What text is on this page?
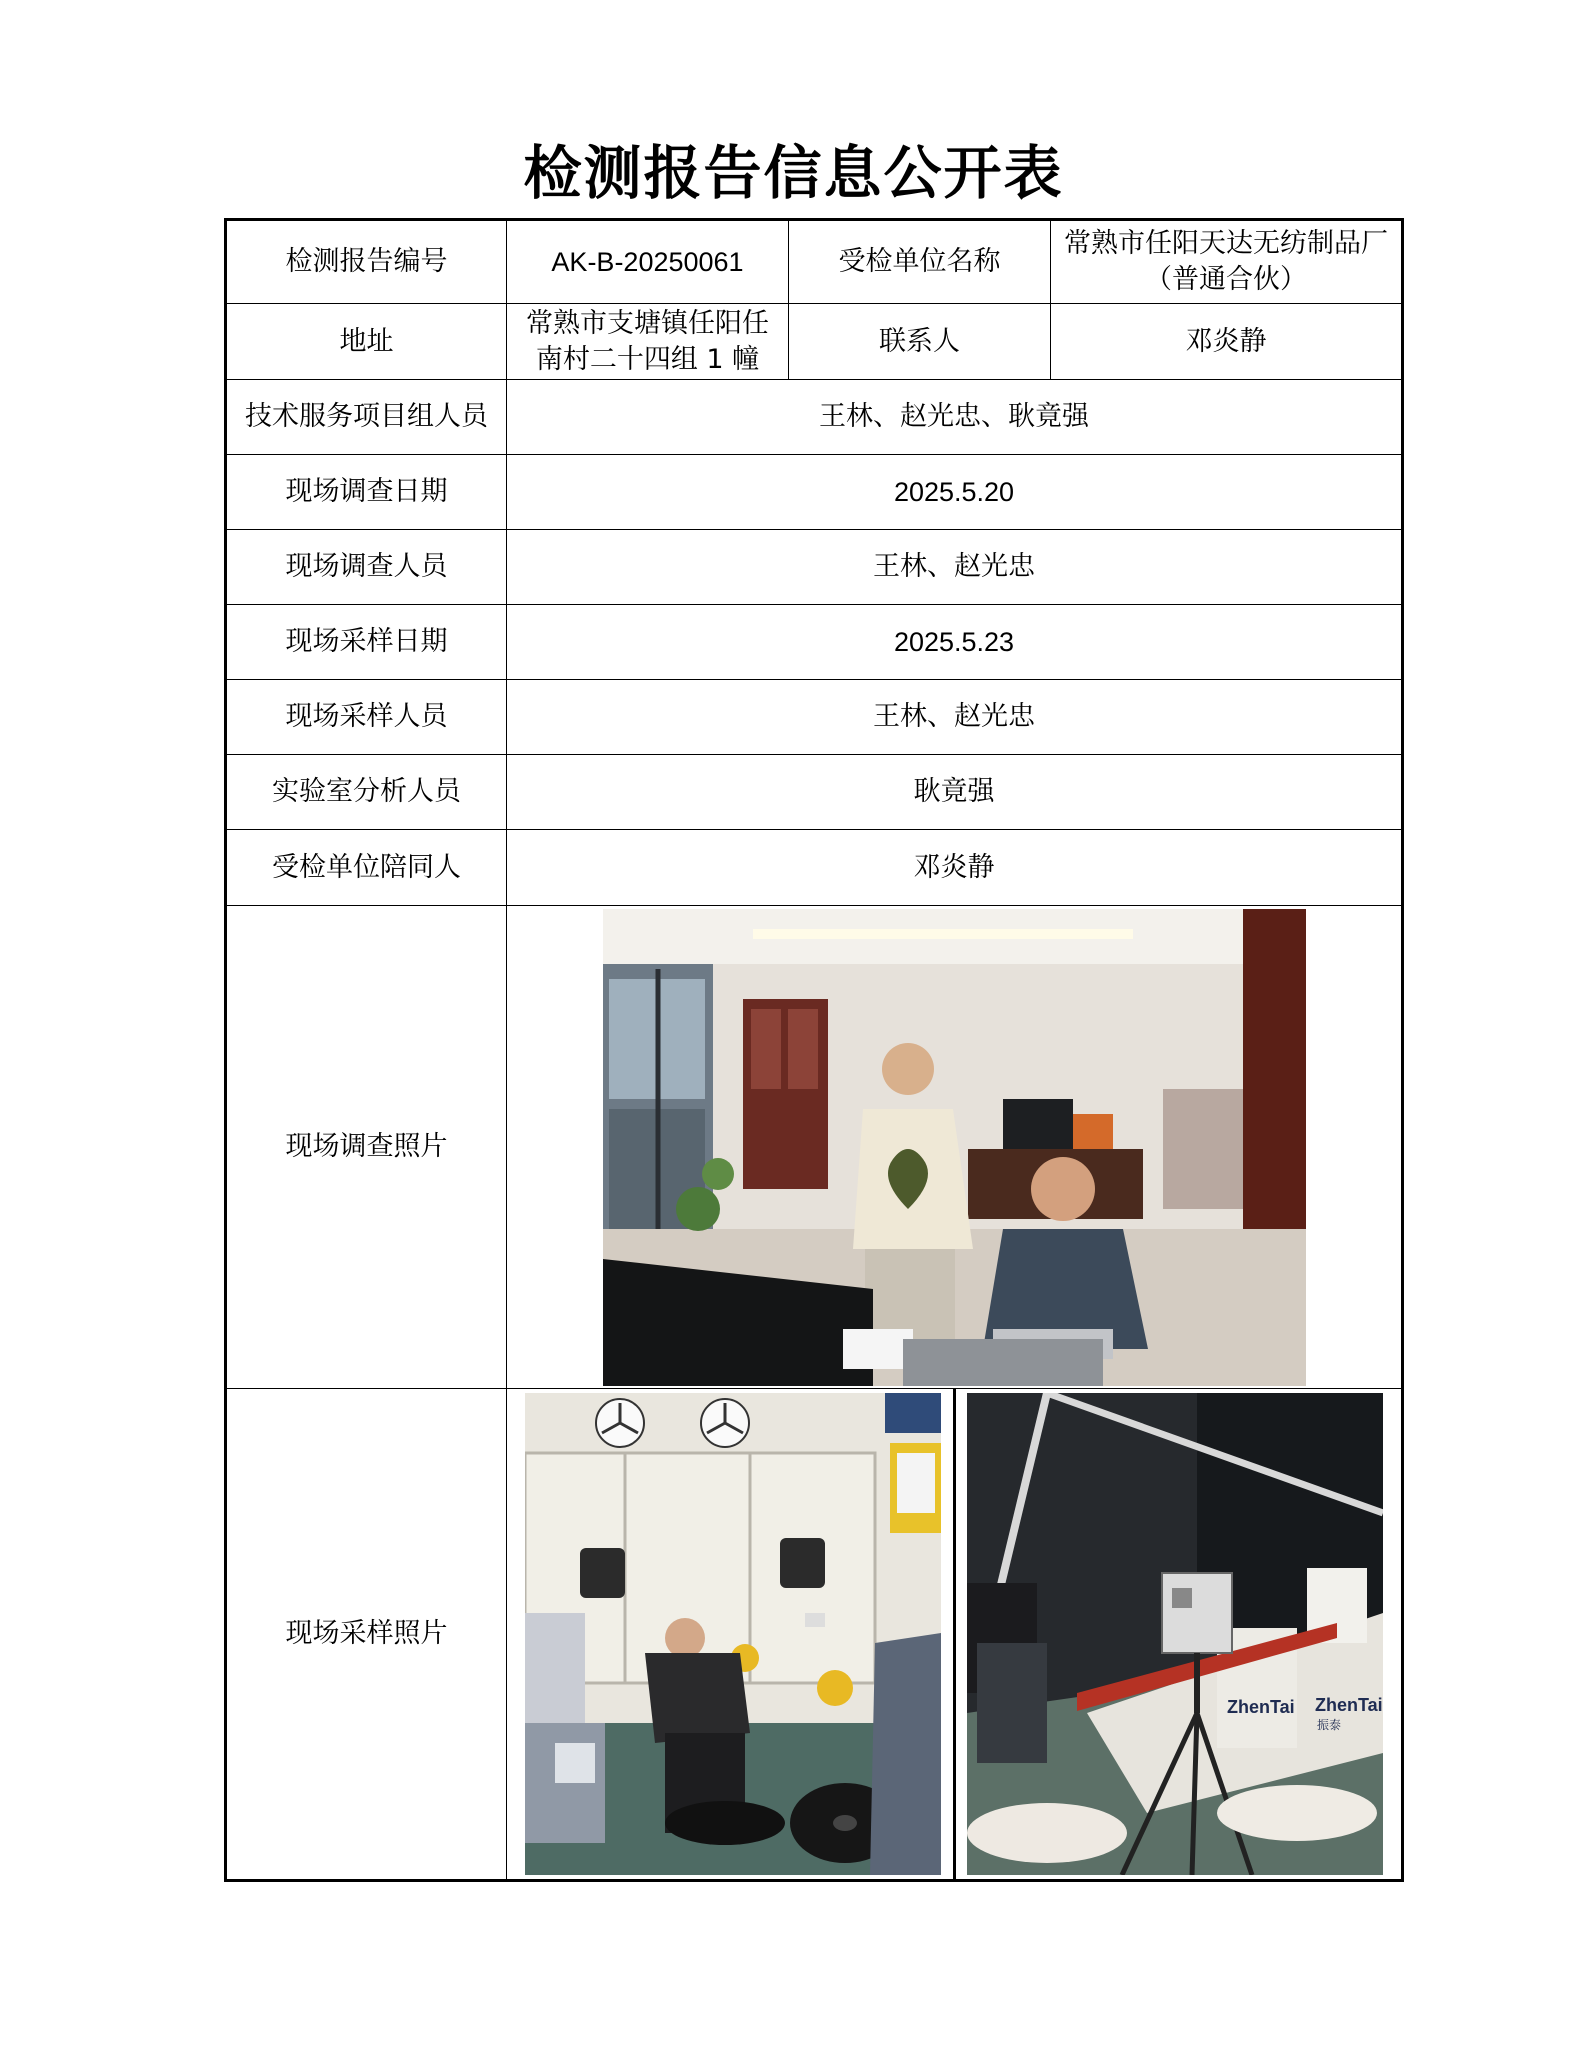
检测报告信息公开表
检测报告编号	AK-B-20250061	受检单位名称	常熟市任阳天达无纺制品厂（普通合伙）
地址	常熟市支塘镇任阳任南村二十四组 1 幢	联系人	邓炎静
技术服务项目组人员	王林、赵光忠、耿竟强		
现场调查日期	2025.5.20		
现场调查人员	王林、赵光忠		
现场采样日期	2025.5.23		
现场采样人员	王林、赵光忠		
实验室分析人员	耿竟强		
受检单位陪同人	邓炎静		
现场调查照片	

现场采样照片	ZhenTai ZhenTai
振泰		
